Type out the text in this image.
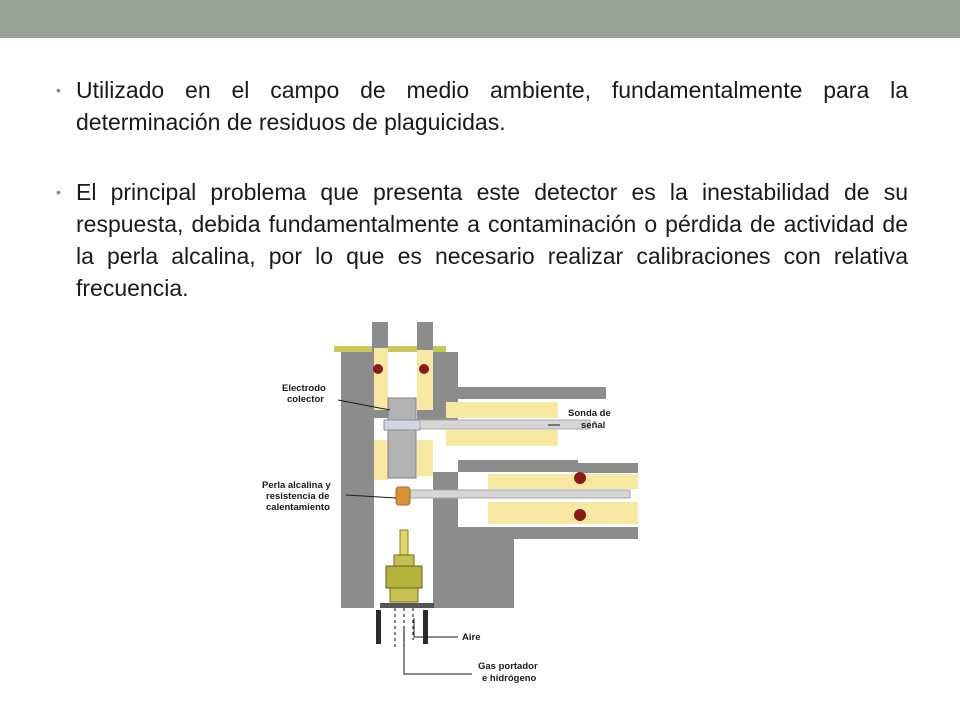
• Utilizado en el campo de medio ambiente, fundamentalmente para la determinación de residuos de plaguicidas.
• El principal problema que presenta este detector es la inestabilidad de su respuesta, debida fundamentalmente a contaminación o pérdida de actividad de la perla alcalina, por lo que es necesario realizar calibraciones con relativa frecuencia.
Electrodo
colector
Sonda de
señal
Perla alcalina y
resistencia de
calentamiento
Aire
Gas portador
e hidrógeno
